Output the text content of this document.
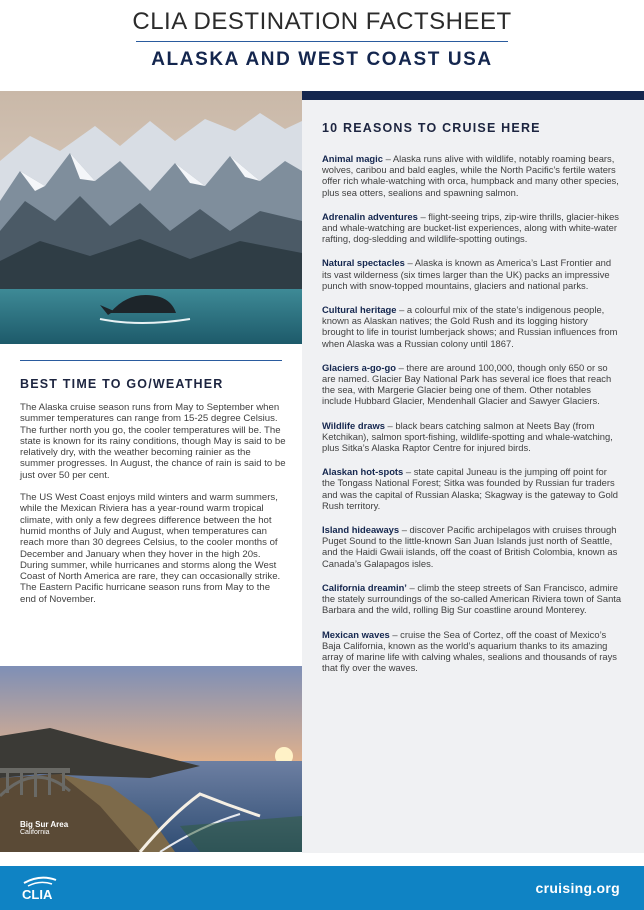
CLIA DESTINATION FACTSHEET
ALASKA AND WEST COAST USA
BEST TIME TO GO/WEATHER

The Alaska cruise season runs from May to September when summer temperatures can range from 15-25 degree Celsius. The further north you go, the cooler temperatures will be. The state is known for its rainy conditions, though May is said to be relatively dry, with the weather becoming rainier as the summer progresses. In August, the chance of rain is said to be just over 50 per cent.

The US West Coast enjoys mild winters and warm summers, while the Mexican Riviera has a year-round warm tropical climate, with only a few degrees difference between the hot humid months of July and August, when temperatures can reach more than 30 degrees Celsius, to the cooler months of December and January when they hover in the high 20s. During summer, while hurricanes and storms along the West Coast of North America are rare, they can occasionally strike. The Eastern Pacific hurricane season runs from May to the end of November.

Big Sur Area
California
10 REASONS TO CRUISE HERE

Animal magic – Alaska runs alive with wildlife, notably roaming bears, wolves, caribou and bald eagles, while the North Pacific’s fertile waters offer rich whale-watching with orca, humpback and many other species, plus sea otters, sealions and spawning salmon.

Adrenalin adventures – flight-seeing trips, zip-wire thrills, glacier-hikes and whale-watching are bucket-list experiences, along with white-water rafting, dog-sledding and wildlife-spotting outings.

Natural spectacles – Alaska is known as America’s Last Frontier and its vast wilderness (six times larger than the UK) packs an impressive punch with snow-topped mountains, glaciers and national parks.

Cultural heritage – a colourful mix of the state’s indigenous people, known as Alaskan natives; the Gold Rush and its logging history brought to life in tourist lumberjack shows; and Russian influences from when Alaska was a Russian colony until 1867.

Glaciers a-go-go – there are around 100,000, though only 650 or so are named. Glacier Bay National Park has several ice floes that reach the sea, with Margerie Glacier being one of them. Other notables include Hubbard Glacier, Mendenhall Glacier and Sawyer Glaciers.

Wildlife draws – black bears catching salmon at Neets Bay (from Ketchikan), salmon sport-fishing, wildlife-spotting and whale-watching, plus Sitka’s Alaska Raptor Centre for injured birds.

Alaskan hot-spots – state capital Juneau is the jumping off point for the Tongass National Forest; Sitka was founded by Russian fur traders and was the capital of Russian Alaska; Skagway is the gateway to Gold Rush territory.

Island hideaways – discover Pacific archipelagos with cruises through Puget Sound to the little-known San Juan Islands just north of Seattle, and the Haidi Gwaii islands, off the coast of British Colombia, known as Canada’s Galapagos isles.

California dreamin’ – climb the steep streets of San Francisco, admire the stately surroundings of the so-called American Riviera town of Santa Barbara and the wild, rolling Big Sur coastline around Monterey.

Mexican waves – cruise the Sea of Cortez, off the coast of Mexico’s Baja California, known as the world’s aquarium thanks to its amazing array of marine life with calving whales, sealions and thousands of rays that fly over the waves.

CLIA	cruising.org
